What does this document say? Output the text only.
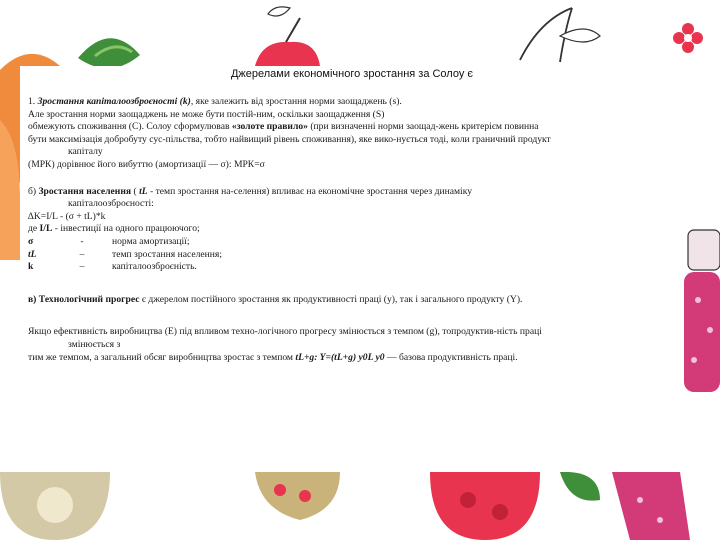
Джерелами економічного зростання за Солоу є

1. Зростання капіталоозброєності (k), яке залежить від зростання норми заощаджень (s).

Але зростання норми заощаджень не може бути постій-ним, оскільки заощадження (S)

обмежують споживання (С). Солоу сформулював «золоте правило» (при визначенні норми заощад-жень критерієм повинна

бути максимізація добробуту сус-пільства, тобто найвищий рівень споживання), яке вико-нується тоді, коли граничний продукт

капіталу

(МРК) дорівнює його вибуттю (амортизації — σ): МРК=σ

б) Зростання населення ( tL - темп зростання на-селення) впливає на економічне зростання через динаміку

капіталоозброєності:

∆K=I/L - (σ + tL)*k

де I/L - інвестиції на одного працюючого;

σ	-	норма амортизації;
tL	–	темп зростання населення;
k	–	капіталоозброєність.

в) Технологічний прогрес є джерелом постійного зростання як продуктивності праці (y), так і загального продукту (Y).

Якщо ефективність виробництва (E) під впливом техно-логічного прогресу змінюється з темпом (g), топродуктив-ність праці

змінюється з

тим же темпом, а загальний обсяг виробництва зростає з темпом tL+g: Y=(tL+g) y0L y0 — базова продуктивність праці.
